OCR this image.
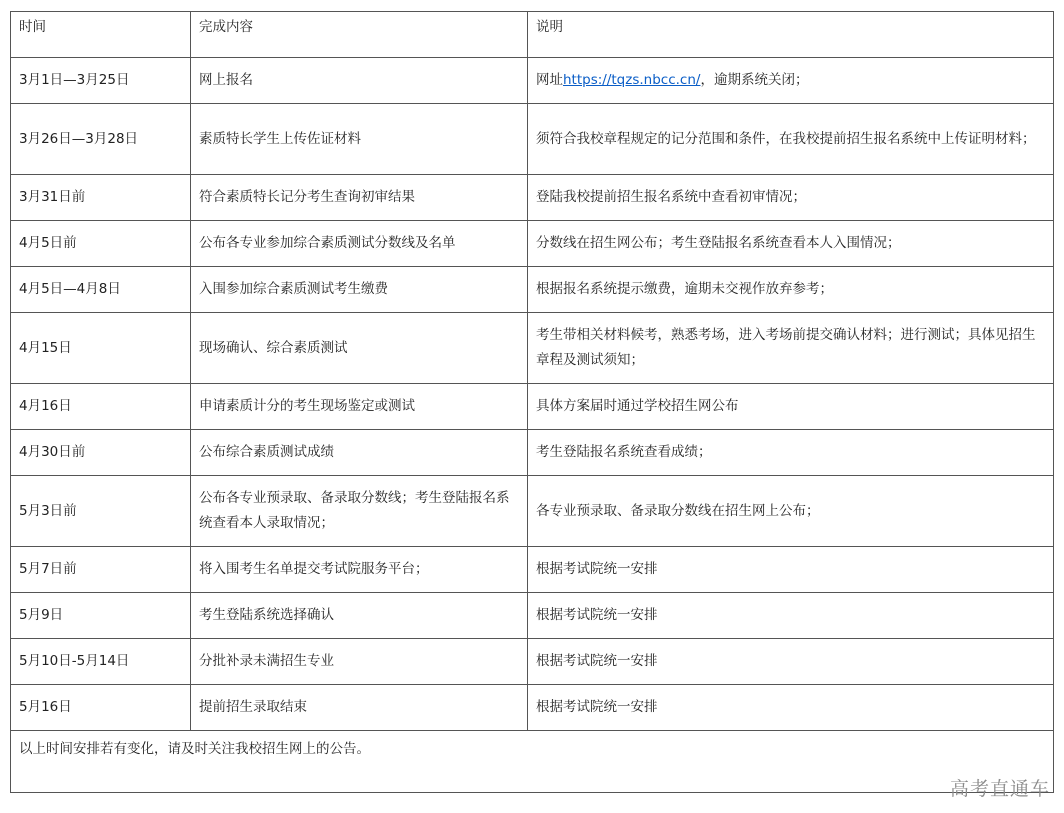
时间	完成内容	说明
3月1日—3月25日	网上报名	网址https://tqzs.nbcc.cn/，逾期系统关闭；
3月26日—3月28日	素质特长学生上传佐证材料	须符合我校章程规定的记分范围和条件，在我校提前招生报名系统中上传证明材料；
3月31日前	符合素质特长记分考生查询初审结果	登陆我校提前招生报名系统中查看初审情况；
4月5日前	公布各专业参加综合素质测试分数线及名单	分数线在招生网公布；考生登陆报名系统查看本人入围情况；
4月5日—4月8日	入围参加综合素质测试考生缴费	根据报名系统提示缴费，逾期未交视作放弃参考；
4月15日	现场确认、综合素质测试	考生带相关材料候考，熟悉考场，进入考场前提交确认材料；进行测试；具体见招生章程及测试须知；
4月16日	申请素质计分的考生现场鉴定或测试	具体方案届时通过学校招生网公布
4月30日前	公布综合素质测试成绩	考生登陆报名系统查看成绩；
5月3日前	公布各专业预录取、备录取分数线；考生登陆报名系统查看本人录取情况；	各专业预录取、备录取分数线在招生网上公布；
5月7日前	将入围考生名单提交考试院服务平台；	根据考试院统一安排
5月9日	考生登陆系统选择确认	根据考试院统一安排
5月10日-5月14日	分批补录未满招生专业	根据考试院统一安排
5月16日	提前招生录取结束	根据考试院统一安排
以上时间安排若有变化，请及时关注我校招生网上的公告。		
高考直通车
